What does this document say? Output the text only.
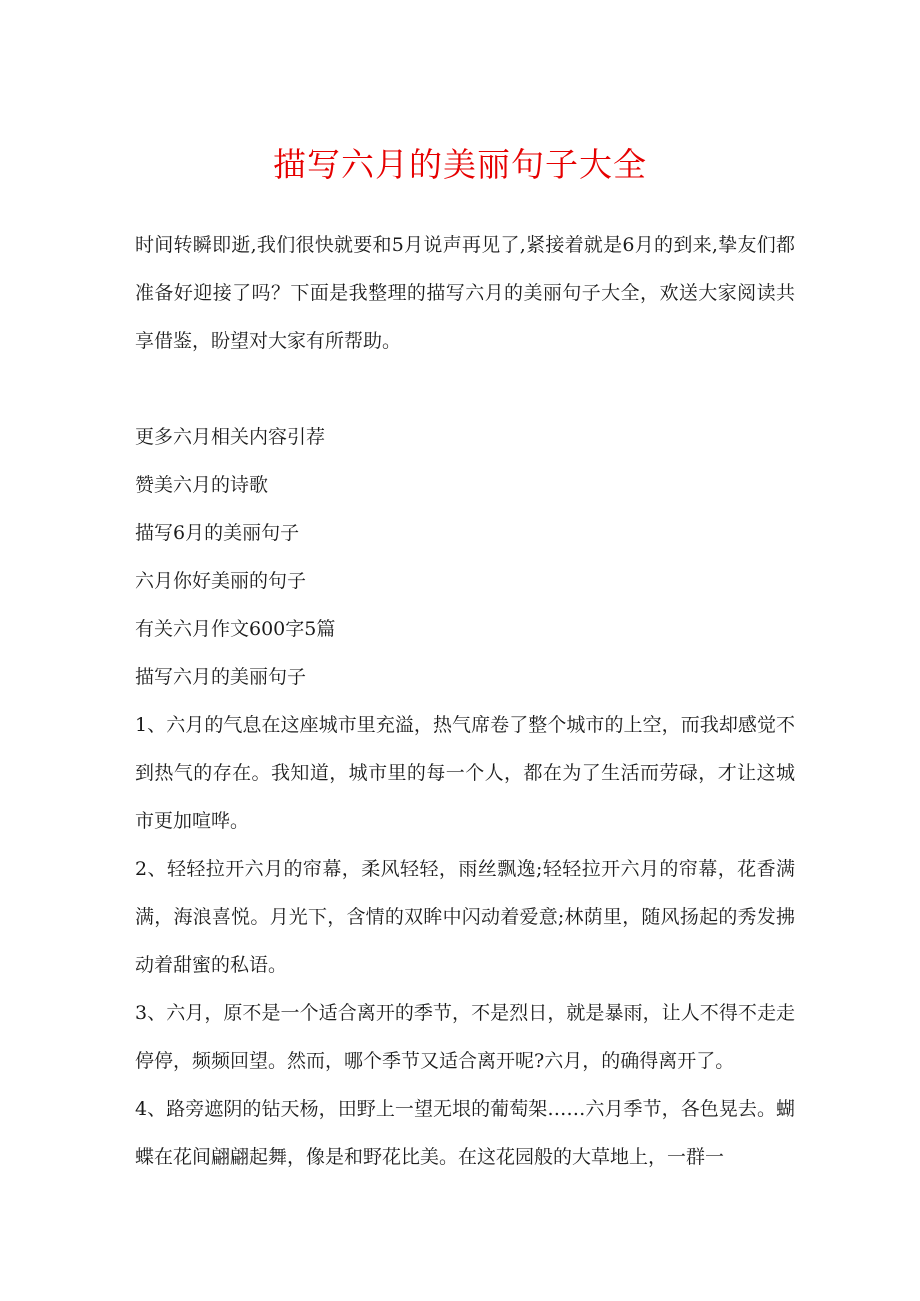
描写六月的美丽句子大全

时间转瞬即逝,我们很快就要和5月说声再见了,紧接着就是6月的到来,挚友们都准备好迎接了吗？下面是我整理的描写六月的美丽句子大全，欢送大家阅读共享借鉴，盼望对大家有所帮助。

更多六月相关内容引荐

赞美六月的诗歌

描写6月的美丽句子

六月你好美丽的句子

有关六月作文600字5篇

描写六月的美丽句子

1、六月的气息在这座城市里充溢，热气席卷了整个城市的上空，而我却感觉不到热气的存在。我知道，城市里的每一个人，都在为了生活而劳碌，才让这城市更加喧哗。

2、轻轻拉开六月的帘幕，柔风轻轻，雨丝飘逸;轻轻拉开六月的帘幕，花香满满，海浪喜悦。月光下，含情的双眸中闪动着爱意;林荫里，随风扬起的秀发拂动着甜蜜的私语。

3、六月，原不是一个适合离开的季节，不是烈日，就是暴雨，让人不得不走走停停，频频回望。然而，哪个季节又适合离开呢?六月，的确得离开了。

4、路旁遮阴的钻天杨，田野上一望无垠的葡萄架……六月季节，各色晃去。蝴蝶在花间翩翩起舞，像是和野花比美。在这花园般的大草地上，一群一
